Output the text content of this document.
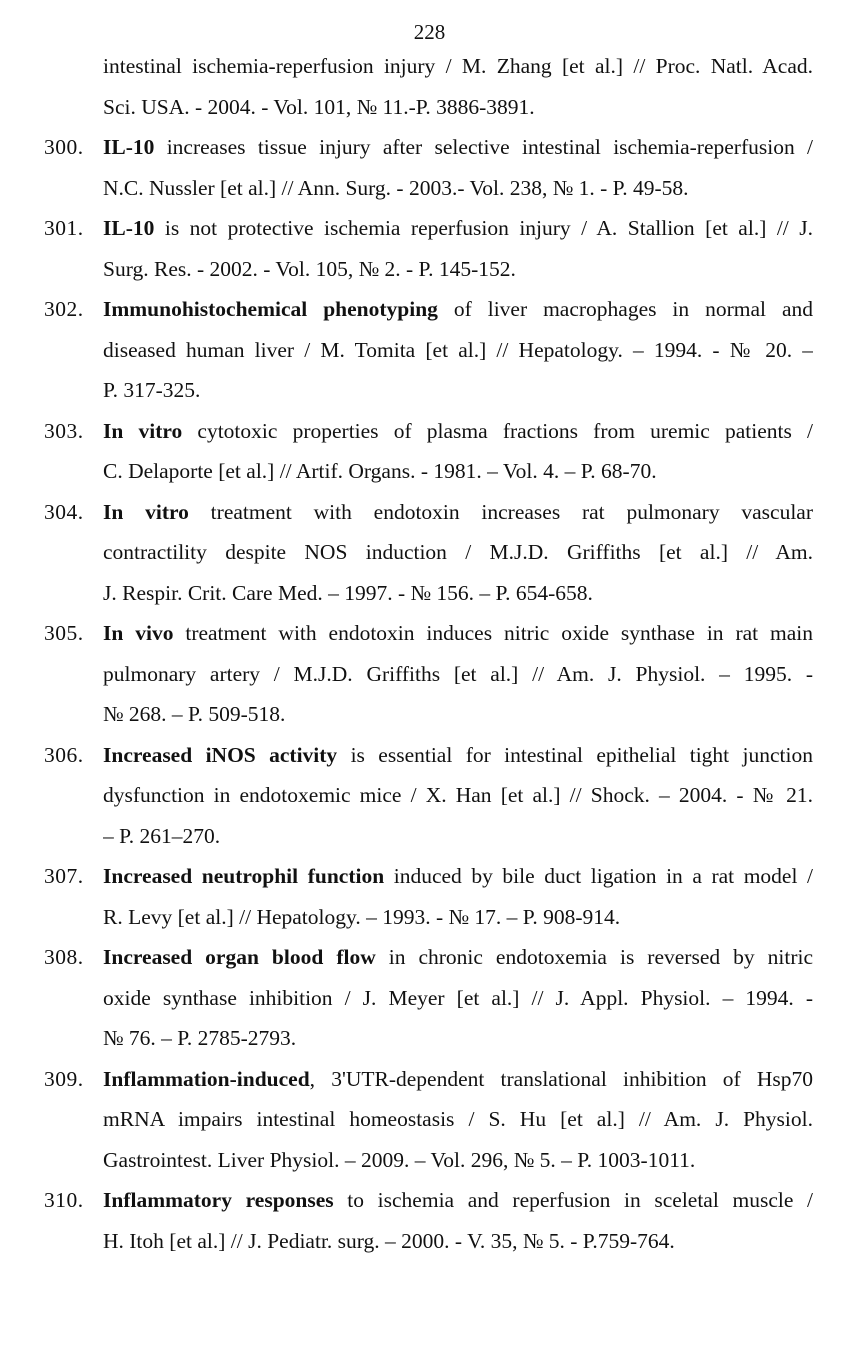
228
intestinal ischemia-reperfusion injury / M. Zhang [et al.] // Proc. Natl. Acad.
Sci. USA. - 2004. - Vol. 101, № 11.-P. 3886-3891.
300. IL-10 increases tissue injury after selective intestinal ischemia-reperfusion /
N.C. Nussler [et al.] // Ann. Surg. - 2003.- Vol. 238, № 1. - P. 49-58.
301. IL-10 is not protective ischemia reperfusion injury / A. Stallion [et al.] // J.
Surg. Res. - 2002. - Vol. 105, № 2. - P. 145-152.
302. Immunohistochemical phenotyping of liver macrophages in normal and
diseased human liver / M. Tomita [et al.] // Hepatology. – 1994. - № 20. –
P. 317-325.
303. In vitro cytotoxic properties of plasma fractions from uremic patients /
C. Delaporte [et al.] // Artif. Organs. - 1981. – Vol. 4. – P. 68-70.
304. In vitro treatment with endotoxin increases rat pulmonary vascular
contractility despite NOS induction / M.J.D. Griffiths [et al.] // Am.
J. Respir. Crit. Care Med. – 1997. - № 156. – P. 654-658.
305. In vivo treatment with endotoxin induces nitric oxide synthase in rat main
pulmonary artery / M.J.D. Griffiths [et al.] // Am. J. Physiol. – 1995. -
№ 268. – P. 509-518.
306. Increased iNOS activity is essential for intestinal epithelial tight junction
dysfunction in endotoxemic mice / X. Han [et al.] // Shock. – 2004. - № 21.
– P. 261–270.
307. Increased neutrophil function induced by bile duct ligation in a rat model /
R. Levy [et al.] // Hepatology. – 1993. - № 17. – P. 908-914.
308. Increased organ blood flow in chronic endotoxemia is reversed by nitric
oxide synthase inhibition / J. Meyer [et al.] // J. Appl. Physiol. – 1994. -
№ 76. – P. 2785-2793.
309. Inflammation-induced, 3'UTR-dependent translational inhibition of Hsp70
mRNA impairs intestinal homeostasis / S. Hu [et al.] // Am. J. Physiol.
Gastrointest. Liver Physiol. – 2009. – Vol. 296, № 5. – P. 1003-1011.
310. Inflammatory responses to ischemia and reperfusion in sceletal muscle /
H. Itoh [et al.] // J. Pediatr. surg. – 2000. - V. 35, № 5. - P.759-764.
